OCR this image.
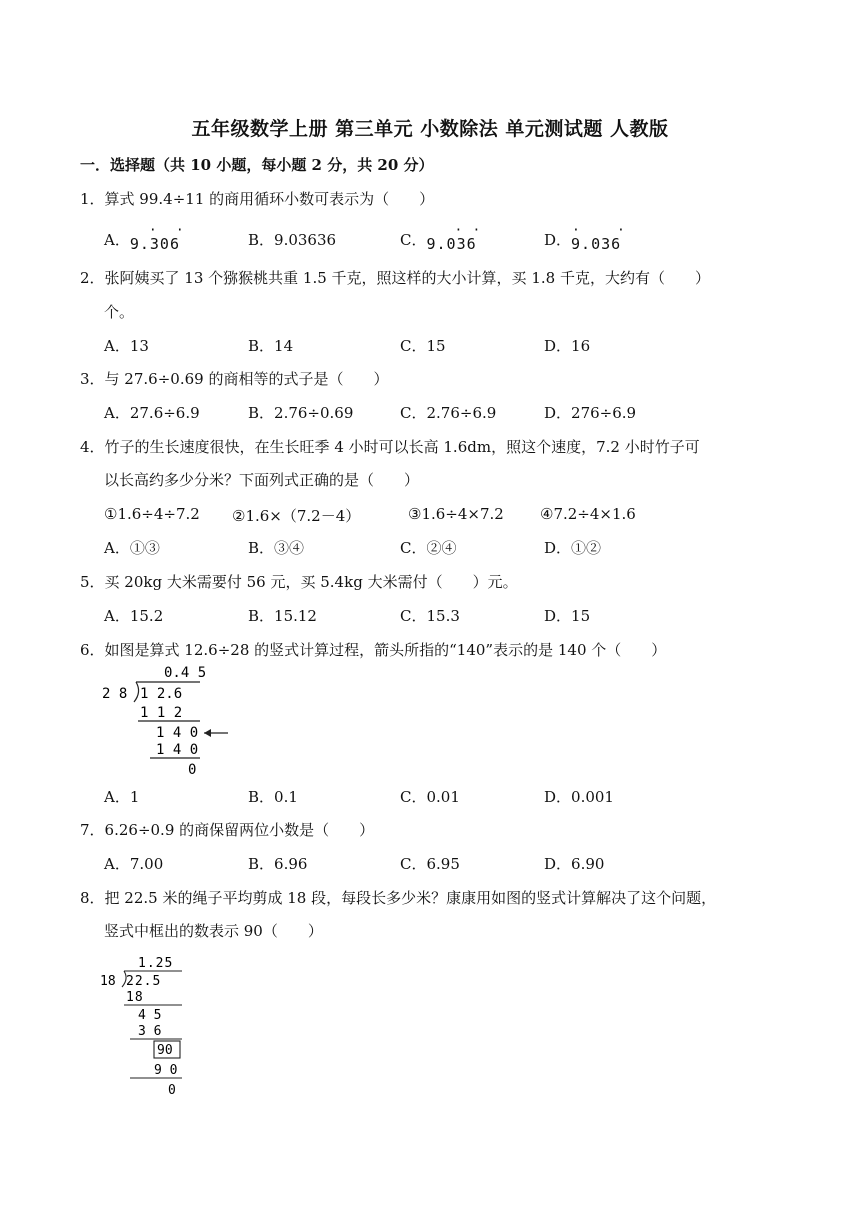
五年级数学上册 第三单元 小数除法 单元测试题 人教版
一．选择题（共 10 小题，每小题 2 分，共 20 分）
1．算式 99.4÷11 的商用循环小数可表示为（　　）
A．9.306
· ·
B．9.03636	C．9.036
· ·
D．9.036
·	·
2．张阿姨买了 13 个猕猴桃共重 1.5 千克，照这样的大小计算，买 1.8 千克，大约有（　　）
个。
A．13	B．14	C．15	D．16
3．与 27.6÷0.69 的商相等的式子是（　　）
A．27.6÷6.9	B．2.76÷0.69	C．2.76÷6.9	D．276÷6.9
4．竹子的生长速度很快，在生长旺季 4 小时可以长高 1.6dm，照这个速度，7.2 小时竹子可
以长高约多少分米？下面列式正确的是（　　）
①1.6÷4÷7.2 ②1.6×（7.2－4）	③1.6÷4×7.2 ④7.2÷4×1.6
A．①③	B．③④	C．②④	D．①②
5．买 20kg 大米需要付 56 元，买 5.4kg 大米需付（　　）元。
A．15.2	B．15.12	C．15.3	D．15
6．如图是算式 12.6÷28 的竖式计算过程，箭头所指的“140”表示的是 140 个（　　）
0.4 5
2 8 1 2.6
1 1 2
1 4 0
1 4 0
0
A．1	B．0.1	C．0.01	D．0.001
7．6.26÷0.9 的商保留两位小数是（　　）
A．7.00	B．6.96	C．6.95	D．6.90
8．把 22.5 米的绳子平均剪成 18 段，每段长多少米？康康用如图的竖式计算解决了这个问题，
竖式中框出的数表示 90（　　）
1.25
18 22.5
18
4 5
3 6
90
9 0
0
